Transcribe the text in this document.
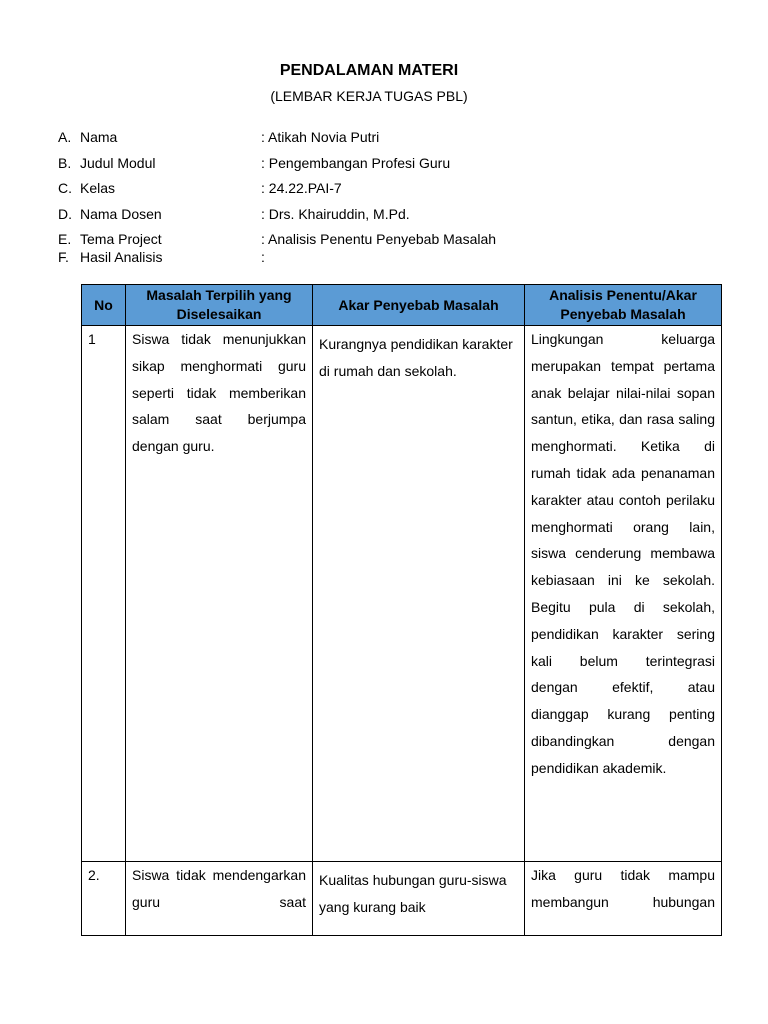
PENDALAMAN MATERI
(LEMBAR KERJA TUGAS PBL)
A. Nama	: Atikah Novia Putri
B. Judul Modul	: Pengembangan Profesi Guru
C. Kelas	: 24.22.PAI-7
D. Nama Dosen	: Drs. Khairuddin, M.Pd.
E. Tema Project	: Analisis Penentu Penyebab Masalah
F. Hasil Analisis	:
No	Masalah Terpilih yang Diselesaikan	Akar Penyebab Masalah	Analisis Penentu/Akar Penyebab Masalah
1	Siswa tidak menunjukkan sikap menghormati guru seperti tidak memberikan salam saat berjumpa dengan guru.	Kurangnya pendidikan karakter di rumah dan sekolah.	Lingkungan keluarga merupakan tempat pertama anak belajar nilai-nilai sopan santun, etika, dan rasa saling menghormati. Ketika di rumah tidak ada penanaman karakter atau contoh perilaku menghormati orang lain, siswa cenderung membawa kebiasaan ini ke sekolah. Begitu pula di sekolah, pendidikan karakter sering kali belum terintegrasi dengan efektif, atau dianggap kurang penting dibandingkan dengan pendidikan akademik.
2.	Siswa tidak mendengarkan guru saat	Kualitas hubungan guru-siswa yang kurang baik	Jika guru tidak mampu membangun hubungan
